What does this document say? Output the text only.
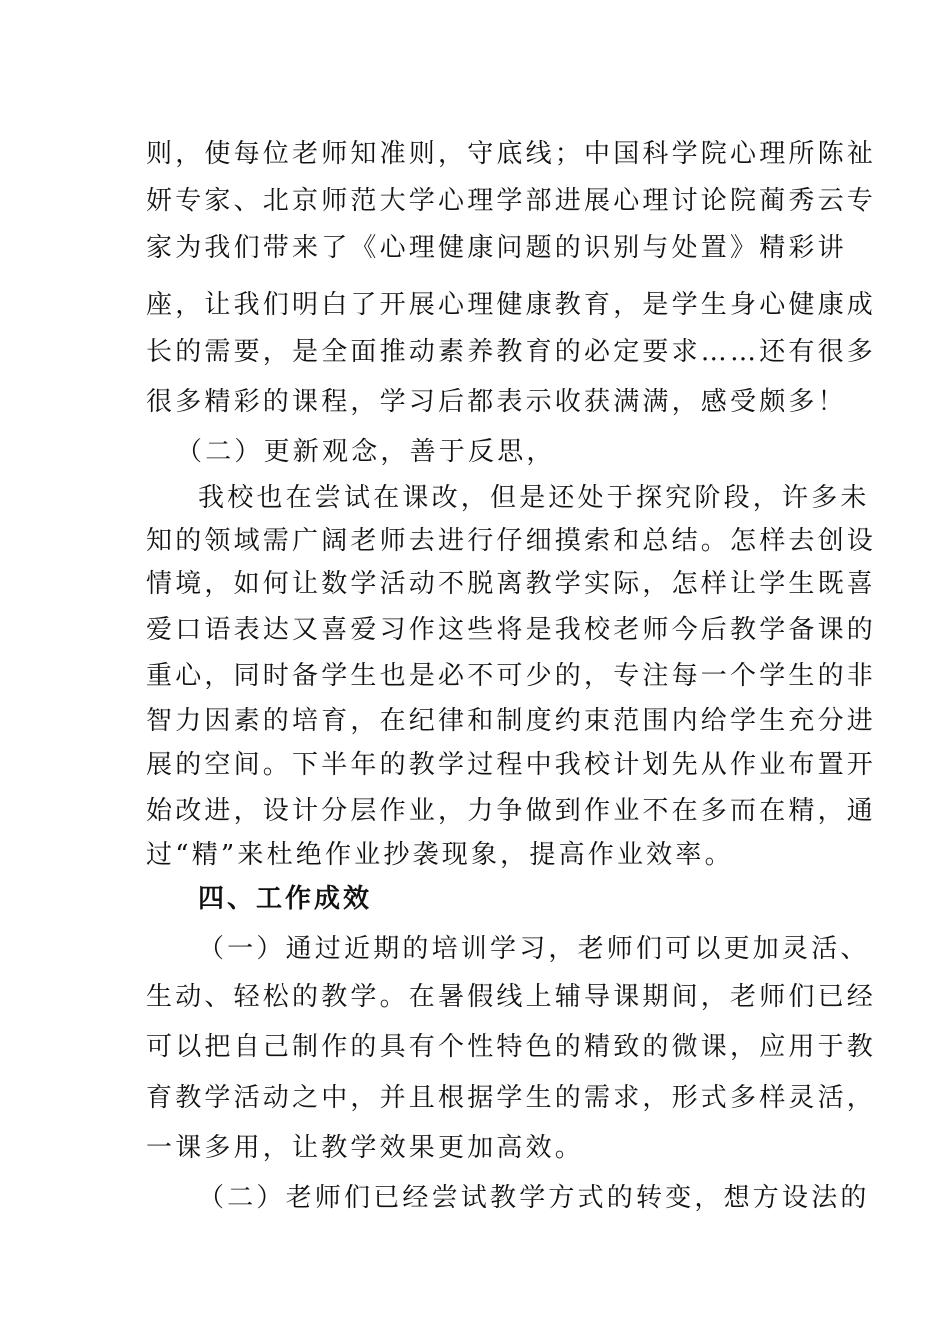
则，使每位老师知准则，守底线；中国科学院心理所陈祉
妍专家、北京师范大学心理学部进展心理讨论院蔺秀云专
家为我们带来了《心理健康问题的识别与处置》精彩讲
座，让我们明白了开展心理健康教育，是学生身心健康成
长的需要，是全面推动素养教育的必定要求……还有很多
很多精彩的课程，学习后都表示收获满满，感受颇多！
（二）更新观念，善于反思，
我校也在尝试在课改，但是还处于探究阶段，许多未
知的领域需广阔老师去进行仔细摸索和总结。怎样去创设
情境，如何让数学活动不脱离教学实际，怎样让学生既喜
爱口语表达又喜爱习作这些将是我校老师今后教学备课的
重心，同时备学生也是必不可少的，专注每一个学生的非
智力因素的培育，在纪律和制度约束范围内给学生充分进
展的空间。下半年的教学过程中我校计划先从作业布置开
始改进，设计分层作业，力争做到作业不在多而在精，通
过“精”来杜绝作业抄袭现象，提高作业效率。
四、工作成效
（一）通过近期的培训学习，老师们可以更加灵活、
生动、轻松的教学。在暑假线上辅导课期间，老师们已经
可以把自己制作的具有个性特色的精致的微课，应用于教
育教学活动之中，并且根据学生的需求，形式多样灵活，
一课多用，让教学效果更加高效。
（二）老师们已经尝试教学方式的转变，想方设法的
